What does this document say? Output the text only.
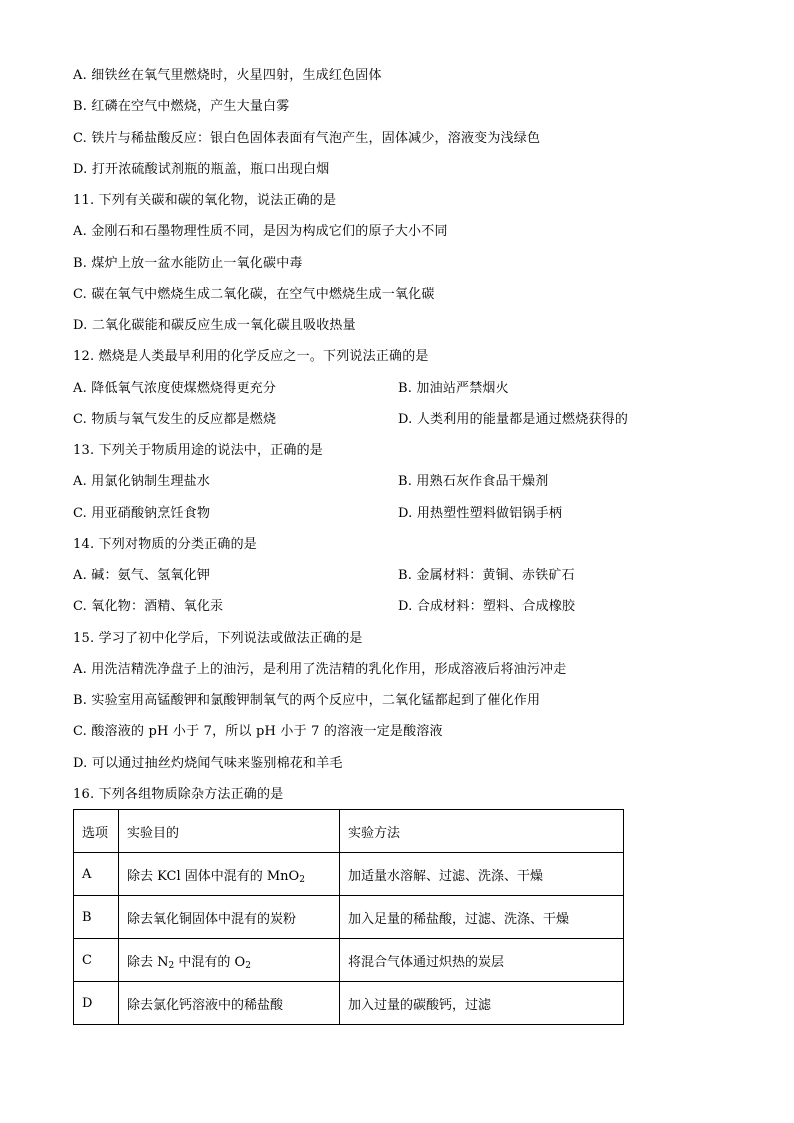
A. 细铁丝在氧气里燃烧时，火星四射，生成红色固体
B. 红磷在空气中燃烧，产生大量白雾
C. 铁片与稀盐酸反应：银白色固体表面有气泡产生，固体减少，溶液变为浅绿色
D. 打开浓硫酸试剂瓶的瓶盖，瓶口出现白烟
11. 下列有关碳和碳的氧化物，说法正确的是
A. 金刚石和石墨物理性质不同，是因为构成它们的原子大小不同
B. 煤炉上放一盆水能防止一氧化碳中毒
C. 碳在氧气中燃烧生成二氧化碳，在空气中燃烧生成一氧化碳
D. 二氧化碳能和碳反应生成一氧化碳且吸收热量
12. 燃烧是人类最早利用的化学反应之一。下列说法正确的是
A. 降低氧气浓度使煤燃烧得更充分	B. 加油站严禁烟火
C. 物质与氧气发生的反应都是燃烧	D. 人类利用的能量都是通过燃烧获得的
13. 下列关于物质用途的说法中，正确的是
A. 用氯化钠制生理盐水	B. 用熟石灰作食品干燥剂
C. 用亚硝酸钠烹饪食物	D. 用热塑性塑料做铝锅手柄
14. 下列对物质的分类正确的是
A. 碱：氨气、氢氧化钾	B. 金属材料：黄铜、赤铁矿石
C. 氧化物：酒精、氧化汞	D. 合成材料：塑料、合成橡胶
15. 学习了初中化学后，下列说法或做法正确的是
A. 用洗洁精洗净盘子上的油污，是利用了洗洁精的乳化作用，形成溶液后将油污冲走
B. 实验室用高锰酸钾和氯酸钾制氧气的两个反应中，二氧化锰都起到了催化作用
C. 酸溶液的 pH 小于 7，所以 pH 小于 7 的溶液一定是酸溶液
D. 可以通过抽丝灼烧闻气味来鉴别棉花和羊毛
16. 下列各组物质除杂方法正确的是
选项	实验目的	实验方法
A	除去 KCl 固体中混有的 MnO$_2$	加适量水溶解、过滤、洗涤、干燥
B	除去氧化铜固体中混有的炭粉	加入足量的稀盐酸，过滤、洗涤、干燥
C	除去 $N_2$ 中混有的 $O_2$	将混合气体通过炽热的炭层
D	除去氯化钙溶液中的稀盐酸	加入过量的碳酸钙，过滤
